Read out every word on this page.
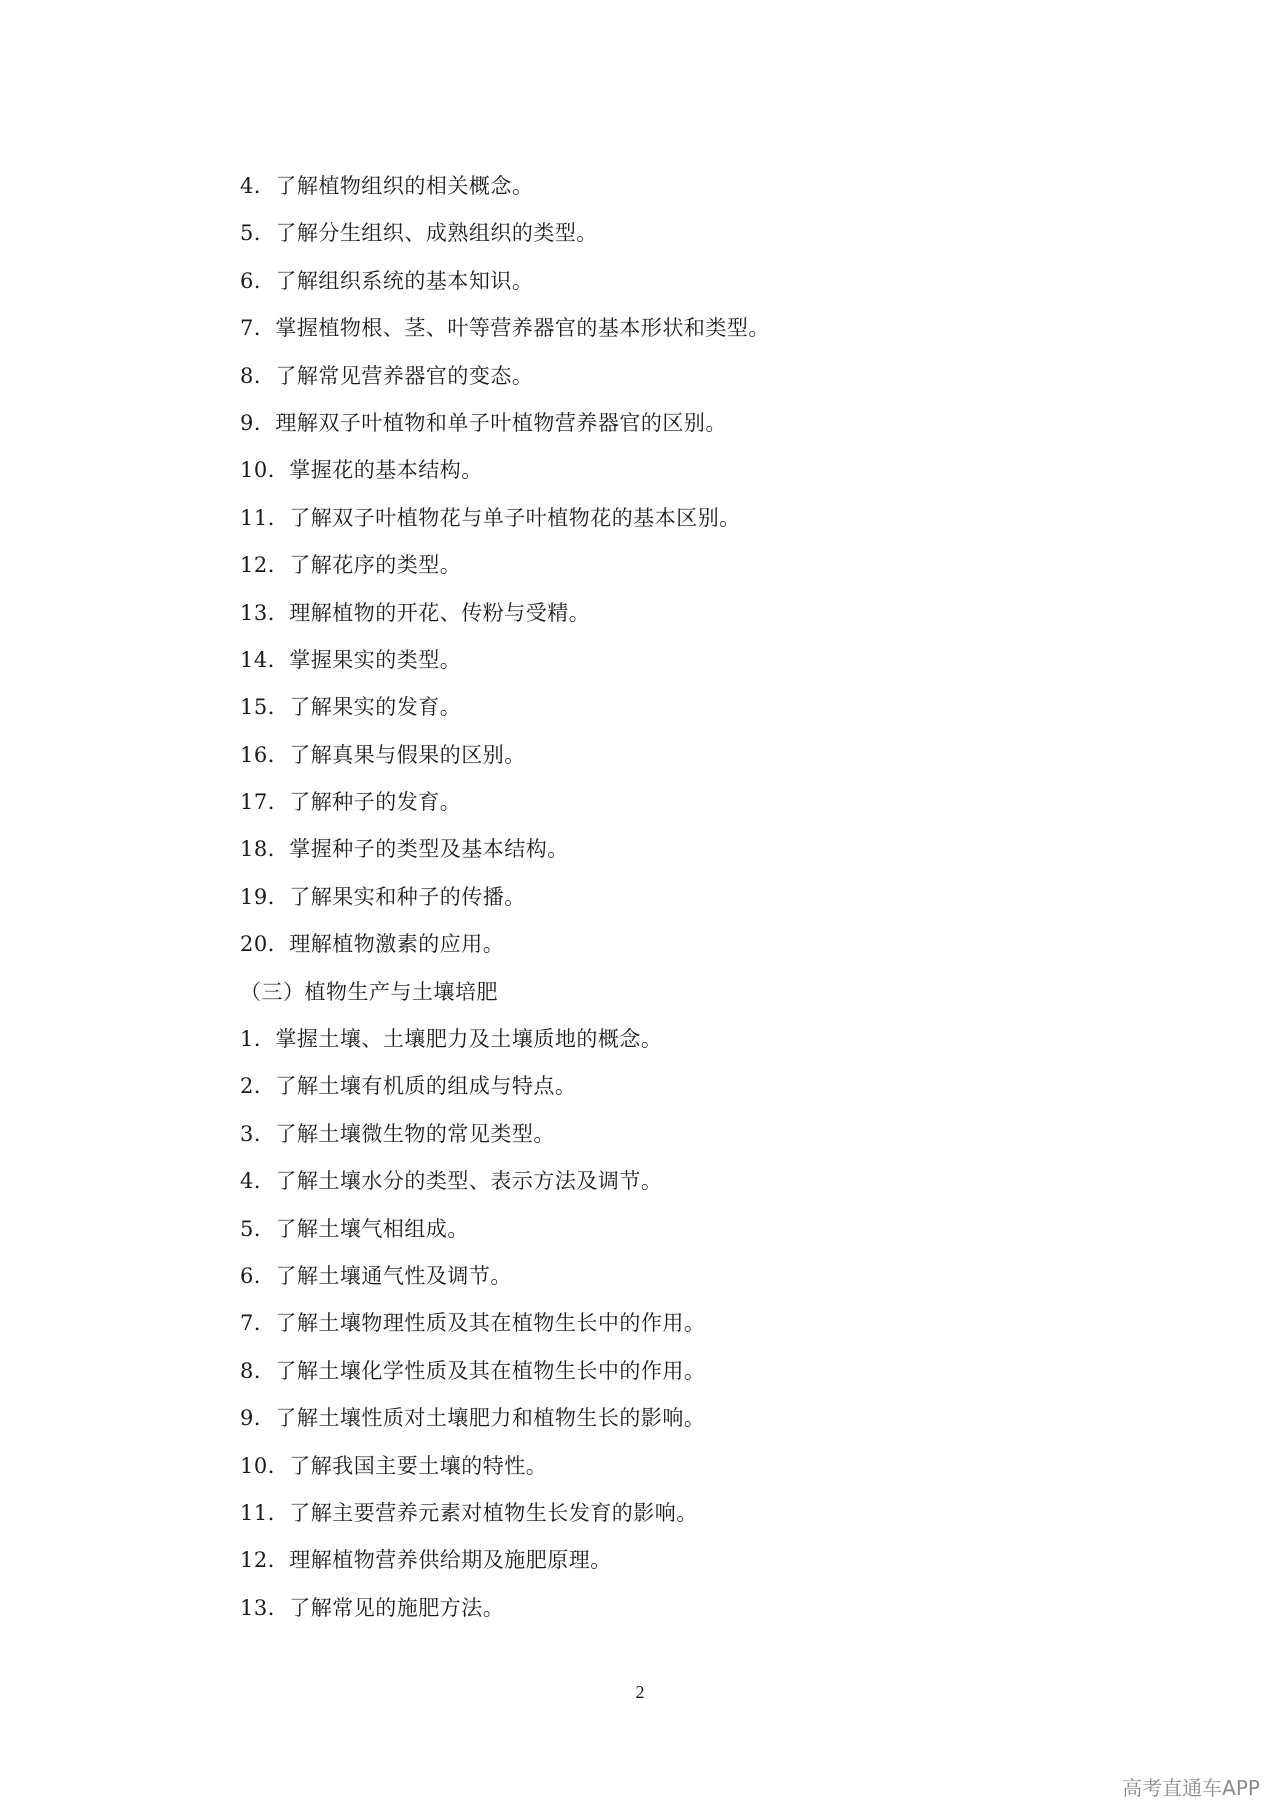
4．了解植物组织的相关概念。
5．了解分生组织、成熟组织的类型。
6．了解组织系统的基本知识。
7．掌握植物根、茎、叶等营养器官的基本形状和类型。
8．了解常见营养器官的变态。
9．理解双子叶植物和单子叶植物营养器官的区别。
10．掌握花的基本结构。
11．了解双子叶植物花与单子叶植物花的基本区别。
12．了解花序的类型。
13．理解植物的开花、传粉与受精。
14．掌握果实的类型。
15．了解果实的发育。
16．了解真果与假果的区别。
17．了解种子的发育。
18．掌握种子的类型及基本结构。
19．了解果实和种子的传播。
20．理解植物激素的应用。
（三）植物生产与土壤培肥
1．掌握土壤、土壤肥力及土壤质地的概念。
2．了解土壤有机质的组成与特点。
3．了解土壤微生物的常见类型。
4．了解土壤水分的类型、表示方法及调节。
5．了解土壤气相组成。
6．了解土壤通气性及调节。
7．了解土壤物理性质及其在植物生长中的作用。
8．了解土壤化学性质及其在植物生长中的作用。
9．了解土壤性质对土壤肥力和植物生长的影响。
10．了解我国主要土壤的特性。
11．了解主要营养元素对植物生长发育的影响。
12．理解植物营养供给期及施肥原理。
13．了解常见的施肥方法。
2
高考直通车APP
